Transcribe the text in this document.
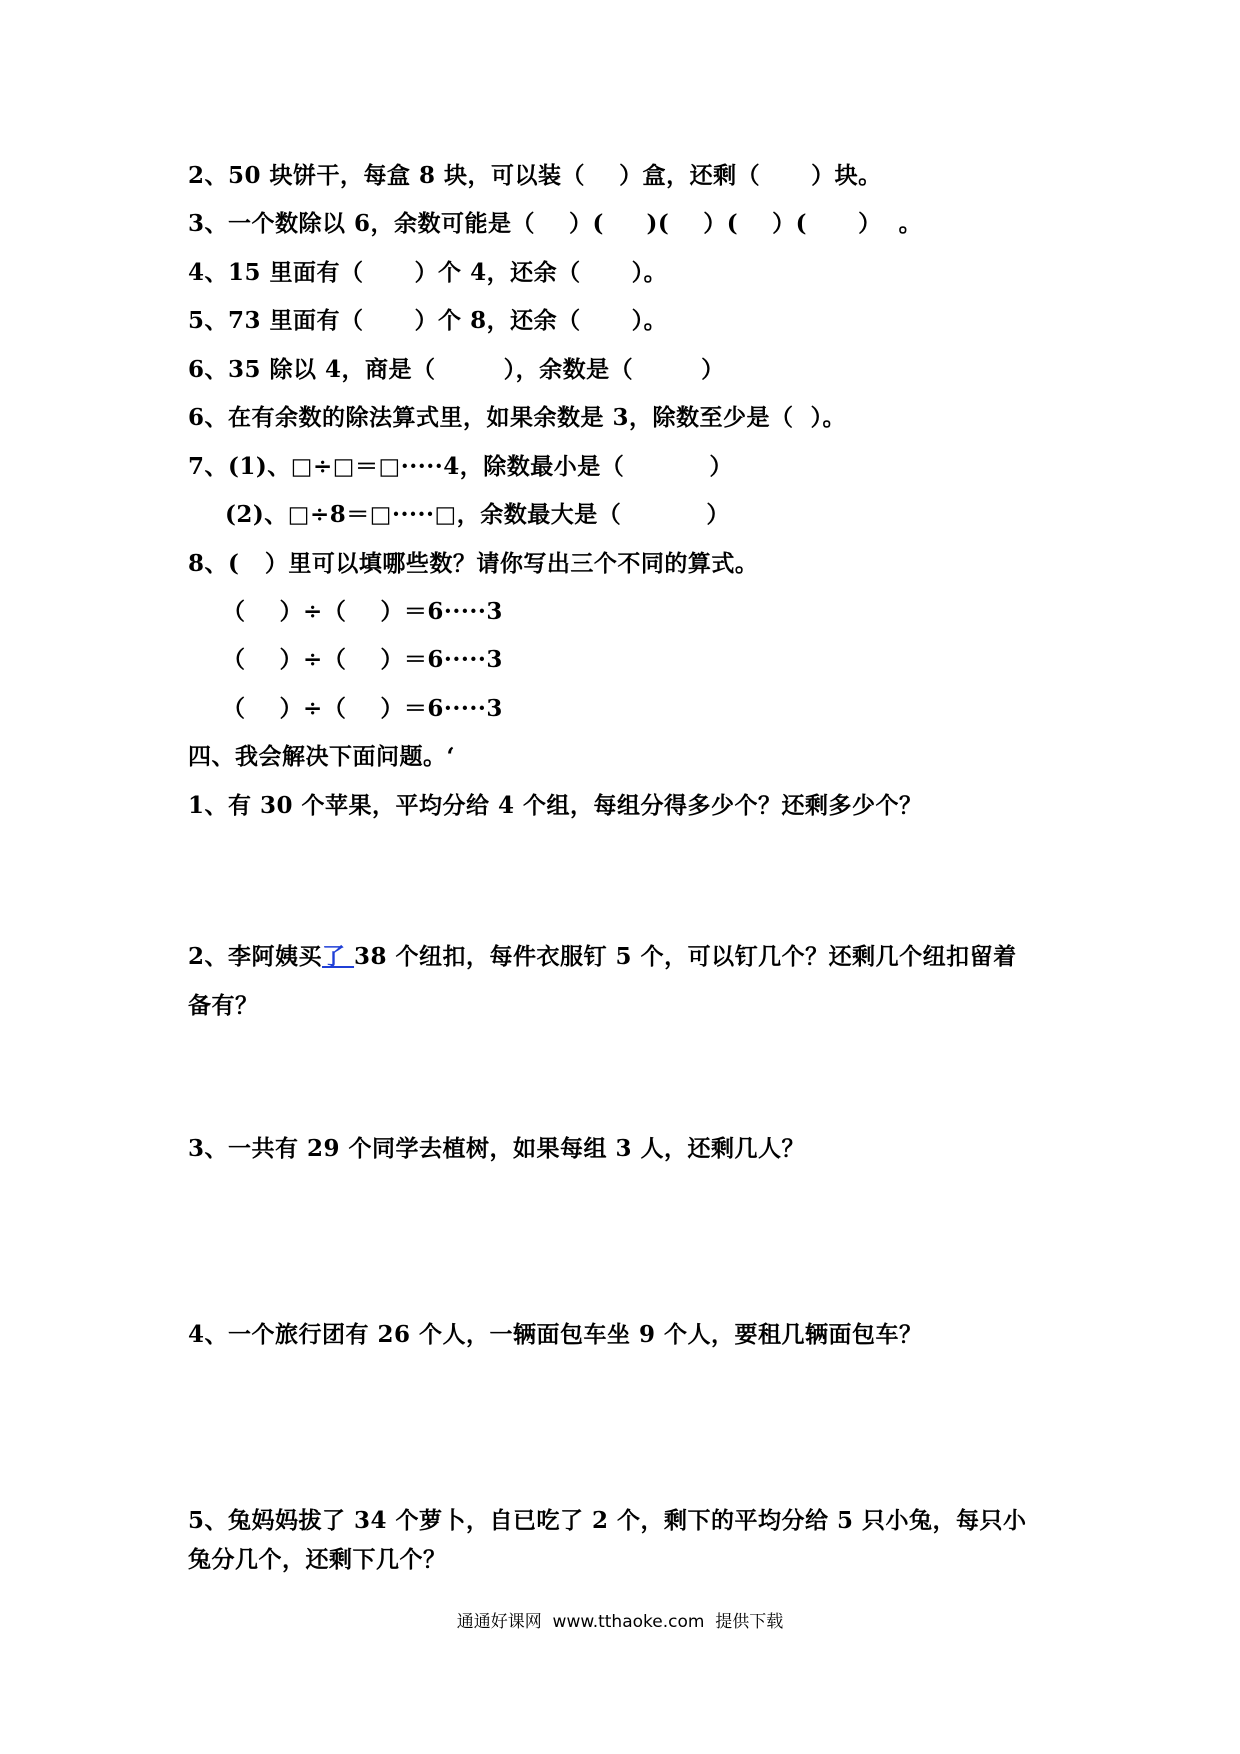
2、50 块饼干，每盒 8 块，可以装（    ）盒，还剩（      ）块。
3、一个数除以 6，余数可能是（    ）(     )(    ）(    ）(      ）  。
4、15 里面有（      ）个 4，还余（      ）。
5、73 里面有（      ）个 8，还余（      ）。
6、35 除以 4，商是（        ），余数是（        ）
6、在有余数的除法算式里，如果余数是 3，除数至少是（  ）。
7、(1)、□÷□＝□·····4，除数最小是（          ）
(2)、□÷8＝□·····□，余数最大是（          ）
8、(   ）里可以填哪些数？请你写出三个不同的算式。
（    ）÷（    ）＝6·····3
（    ）÷（    ）＝6·····3
（    ）÷（    ）＝6·····3
四、我会解决下面问题。‘
1、有 30 个苹果，平均分给 4 个组，每组分得多少个？还剩多少个？
2、李阿姨买了 38 个纽扣，每件衣服钉 5 个，可以钉几个？还剩几个纽扣留着
备有？
3、一共有 29 个同学去植树，如果每组 3 人，还剩几人？
4、一个旅行团有 26 个人，一辆面包车坐 9 个人，要租几辆面包车？
5、兔妈妈拔了 34 个萝卜，自已吃了 2 个，剩下的平均分给 5 只小兔，每只小
兔分几个，还剩下几个？
通通好课网  www.tthaoke.com  提供下载
